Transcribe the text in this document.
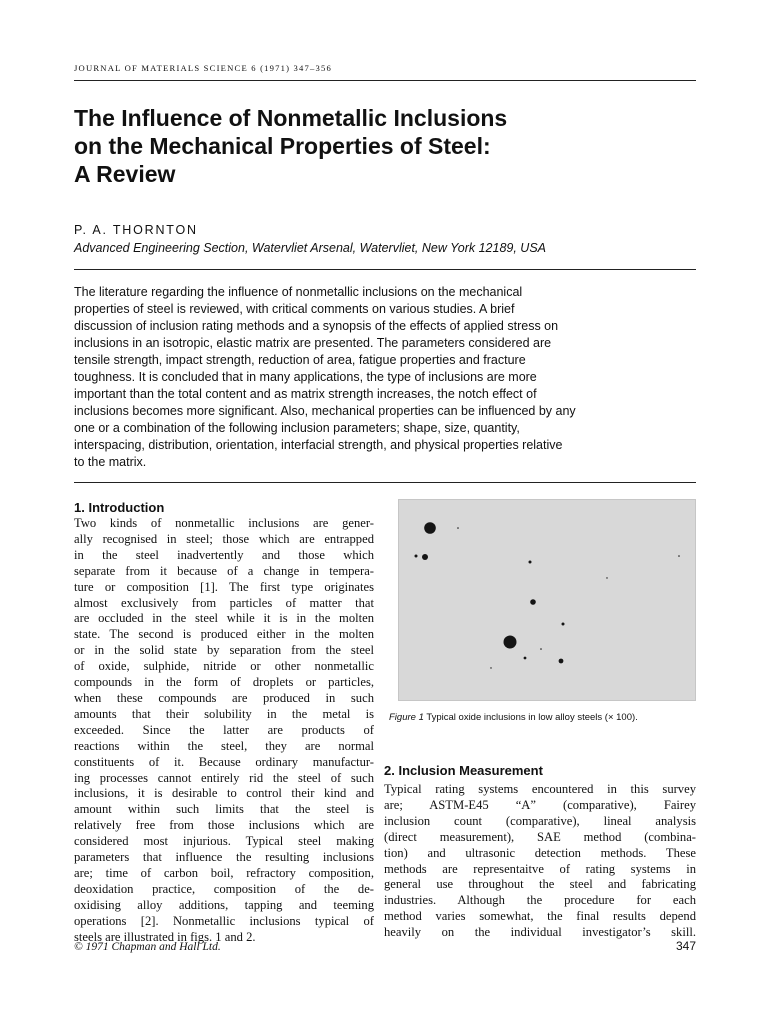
JOURNAL OF MATERIALS SCIENCE 6 (1971) 347–356
The Influence of Nonmetallic Inclusions
on the Mechanical Properties of Steel:
A Review
P. A. THORNTON
Advanced Engineering Section, Watervliet Arsenal, Watervliet, New York 12189, USA
The literature regarding the influence of nonmetallic inclusions on the mechanical
properties of steel is reviewed, with critical comments on various studies. A brief
discussion of inclusion rating methods and a synopsis of the effects of applied stress on
inclusions in an isotropic, elastic matrix are presented. The parameters considered are
tensile strength, impact strength, reduction of area, fatigue properties and fracture
toughness. It is concluded that in many applications, the type of inclusions are more
important than the total content and as matrix strength increases, the notch effect of
inclusions becomes more significant. Also, mechanical properties can be influenced by any
one or a combination of the following inclusion parameters; shape, size, quantity,
interspacing, distribution, orientation, interfacial strength, and physical properties relative
to the matrix.
1. Introduction
Two kinds of nonmetallic inclusions are gener-
ally recognised in steel; those which are entrapped
in the steel inadvertently and those which
separate from it because of a change in tempera-
ture or composition [1]. The first type originates
almost exclusively from particles of matter that
are occluded in the steel while it is in the molten
state. The second is produced either in the molten
or in the solid state by separation from the steel
of oxide, sulphide, nitride or other nonmetallic
compounds in the form of droplets or particles,
when these compounds are produced in such
amounts that their solubility in the metal is
exceeded. Since the latter are products of
reactions within the steel, they are normal
constituents of it. Because ordinary manufactur-
ing processes cannot entirely rid the steel of such
inclusions, it is desirable to control their kind and
amount within such limits that the steel is
relatively free from those inclusions which are
considered most injurious. Typical steel making
parameters that influence the resulting inclusions
are; time of carbon boil, refractory composition,
deoxidation practice, composition of the de-
oxidising alloy additions, tapping and teeming
operations [2]. Nonmetallic inclusions typical of
steels are illustrated in figs. 1 and 2.
Figure 1 Typical oxide inclusions in low alloy steels (× 100).
2. Inclusion Measurement
Typical rating systems encountered in this survey
are; ASTM-E45 “A” (comparative), Fairey
inclusion count (comparative), lineal analysis
(direct measurement), SAE method (combina-
tion) and ultrasonic detection methods. These
methods are representaitve of rating systems in
general use throughout the steel and fabricating
industries. Although the procedure for each
method varies somewhat, the final results depend
heavily on the individual investigator’s skill.
© 1971 Chapman and Hall Ltd.	347
